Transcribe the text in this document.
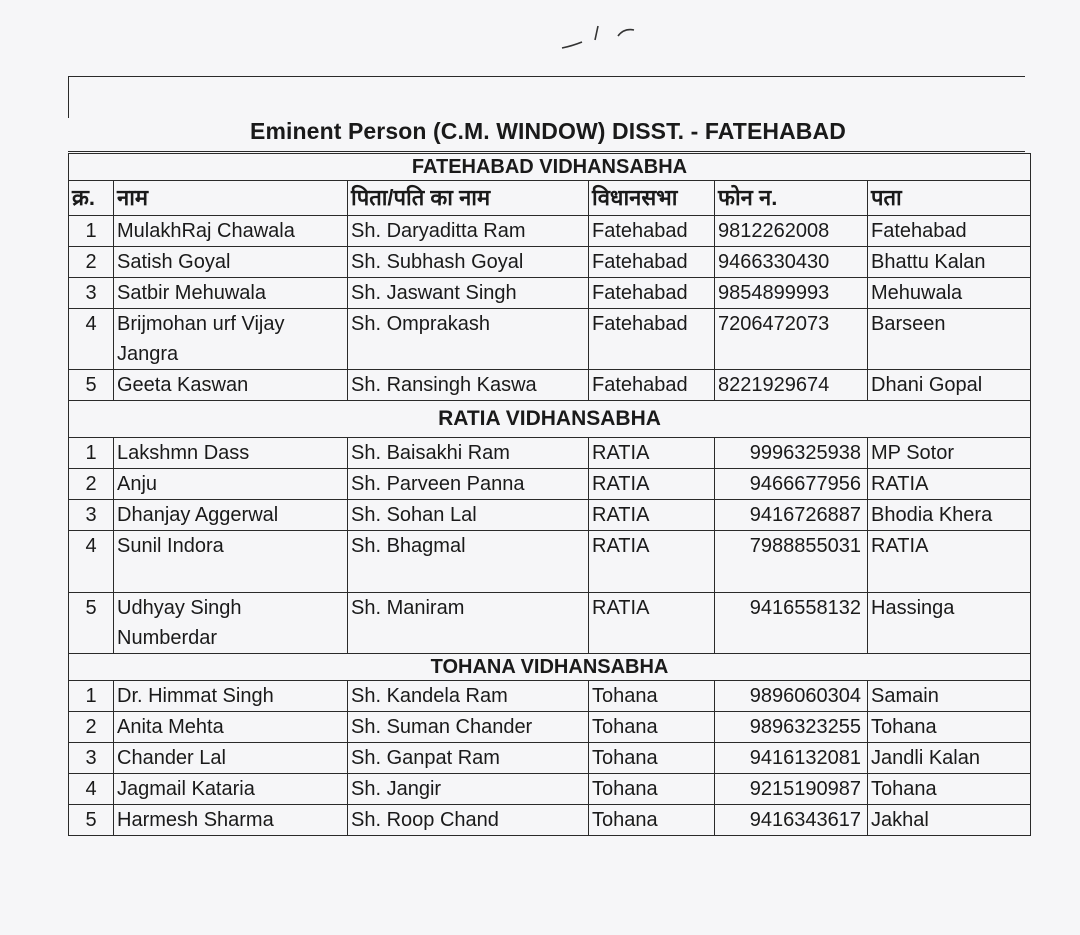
Eminent Person (C.M. WINDOW) DISST. - FATEHABAD
FATEHABAD VIDHANSABHA					
क्र.	नाम	पिता/पति का नाम	विधानसभा	फोन न.	पता
1	MulakhRaj Chawala	Sh. Daryaditta Ram	Fatehabad	9812262008	Fatehabad
2	Satish Goyal	Sh. Subhash Goyal	Fatehabad	9466330430	Bhattu Kalan
3	Satbir Mehuwala	Sh. Jaswant Singh	Fatehabad	9854899993	Mehuwala
4	Brijmohan urf Vijay Jangra	Sh. Omprakash	Fatehabad	7206472073	Barseen
5	Geeta Kaswan	Sh. Ransingh Kaswa	Fatehabad	8221929674	Dhani Gopal
RATIA VIDHANSABHA					
1	Lakshmn Dass	Sh. Baisakhi Ram	RATIA	9996325938	MP Sotor
2	Anju	Sh. Parveen Panna	RATIA	9466677956	RATIA
3	Dhanjay Aggerwal	Sh. Sohan Lal	RATIA	9416726887	Bhodia Khera
4	Sunil Indora	Sh. Bhagmal	RATIA	7988855031	RATIA
5	Udhyay Singh Numberdar	Sh. Maniram	RATIA	9416558132	Hassinga
TOHANA VIDHANSABHA					
1	Dr. Himmat Singh	Sh. Kandela Ram	Tohana	9896060304	Samain
2	Anita Mehta	Sh. Suman Chander	Tohana	9896323255	Tohana
3	Chander Lal	Sh. Ganpat Ram	Tohana	9416132081	Jandli Kalan
4	Jagmail Kataria	Sh. Jangir	Tohana	9215190987	Tohana
5	Harmesh Sharma	Sh. Roop Chand	Tohana	9416343617	Jakhal
